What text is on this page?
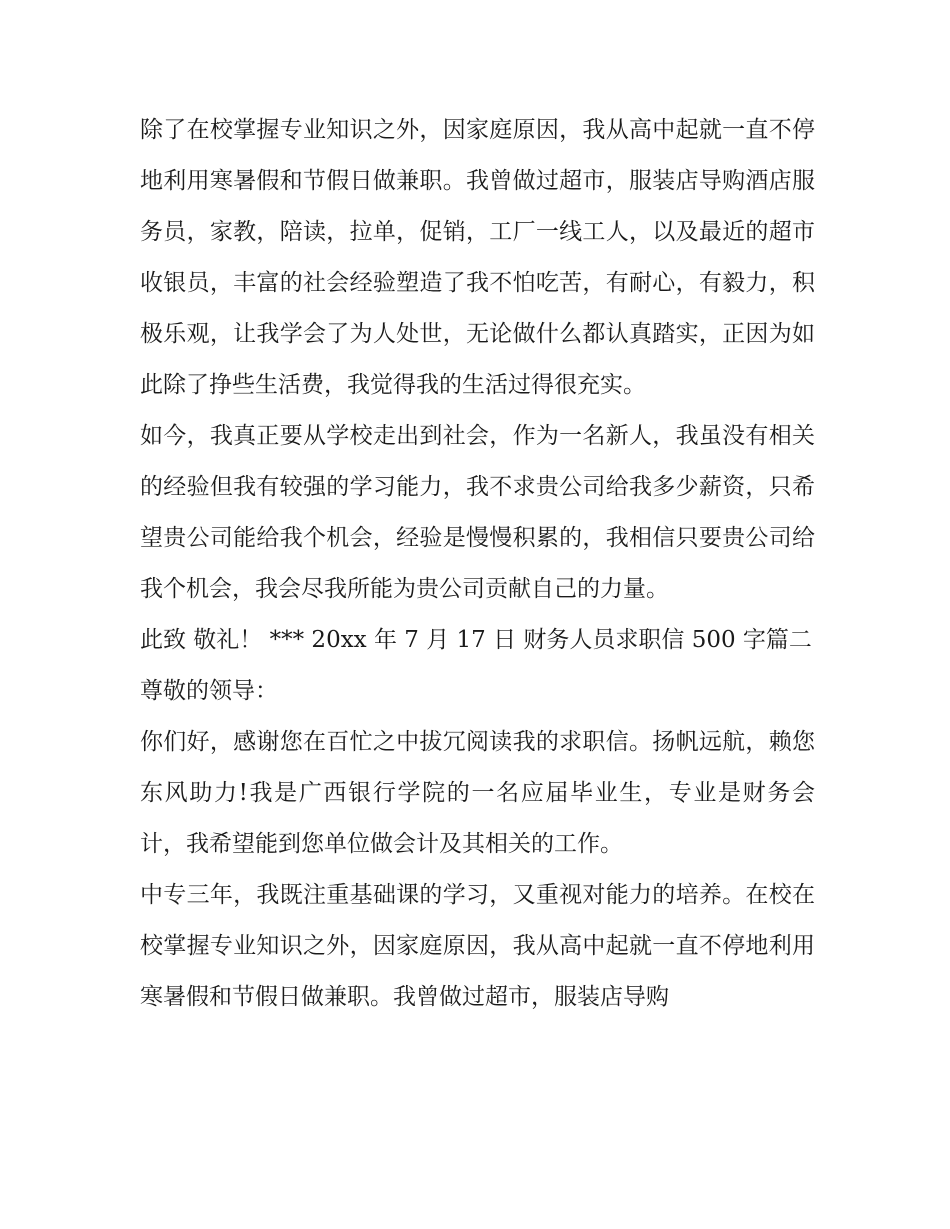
除了在校掌握专业知识之外，因家庭原因，我从高中起就一直不停地利用寒暑假和节假日做兼职。我曾做过超市，服装店导购酒店服务员，家教，陪读，拉单，促销，工厂一线工人，以及最近的超市收银员，丰富的社会经验塑造了我不怕吃苦，有耐心，有毅力，积极乐观，让我学会了为人处世，无论做什么都认真踏实，正因为如此除了挣些生活费，我觉得我的生活过得很充实。

如今，我真正要从学校走出到社会，作为一名新人，我虽没有相关的经验但我有较强的学习能力，我不求贵公司给我多少薪资，只希望贵公司能给我个机会，经验是慢慢积累的，我相信只要贵公司给我个机会，我会尽我所能为贵公司贡献自己的力量。

此致 敬礼！ *** 20xx 年 7 月 17 日 财务人员求职信 500 字篇二

尊敬的领导：

你们好，感谢您在百忙之中拔冗阅读我的求职信。扬帆远航，赖您东风助力!我是广西银行学院的一名应届毕业生，专业是财务会计，我希望能到您单位做会计及其相关的工作。

中专三年，我既注重基础课的学习，又重视对能力的培养。在校在校掌握专业知识之外，因家庭原因，我从高中起就一直不停地利用寒暑假和节假日做兼职。我曾做过超市，服装店导购
